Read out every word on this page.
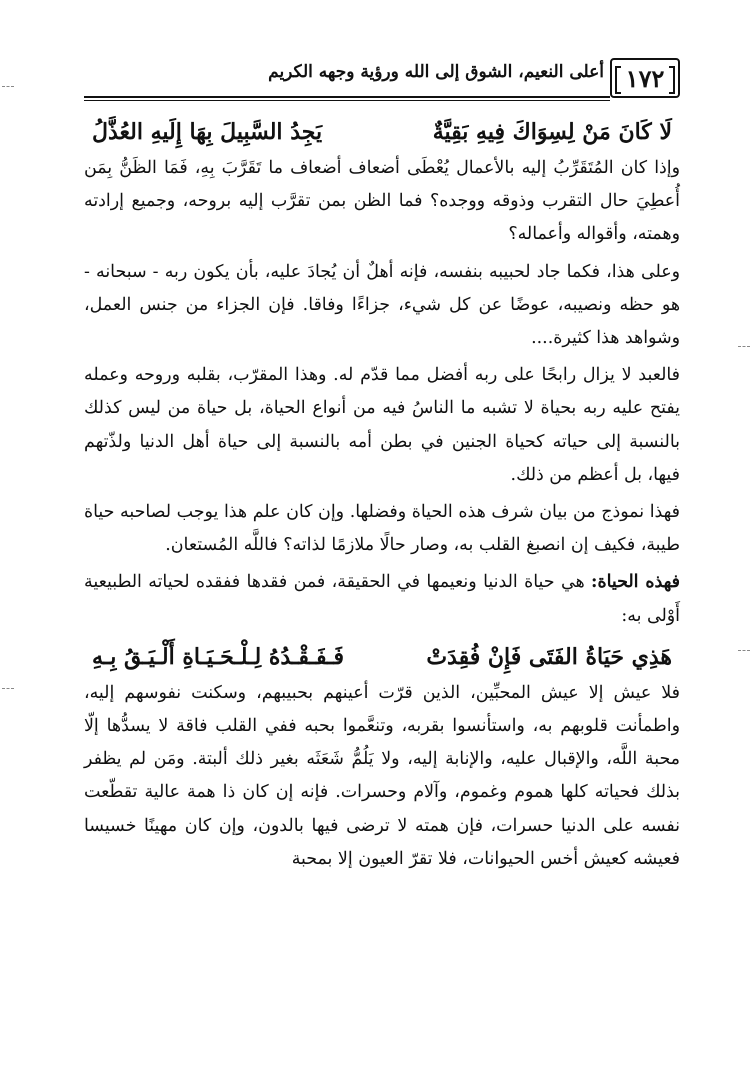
١٧٢
أعلى النعيم، الشوق إلى الله ورؤية وجهه الكريم
لَا كَانَ مَنْ لِسِوَاكَ فِيهِ بَقِيَّةٌ
يَجِدُ السَّبِيلَ بِهَا إِلَيهِ العُذَّلُ

وإذا كان المُتَقَرِّبُ إليه بالأعمال يُعْطَى أضعاف أضعاف ما تَقَرَّبَ بِهِ، فَمَا الظَنُّ بِمَن أُعطِيَ حال التقرب وذوقه ووجده؟ فما الظن بمن تقرَّب إليه بروحه، وجميع إرادته وهمته، وأقواله وأعماله؟

وعلى هذا، فكما جاد لحبيبه بنفسه، فإنه أهلٌ أن يُجادَ عليه، بأن يكون ربه - سبحانه - هو حظه ونصيبه، عوضًا عن كل شيء، جزاءًا وفاقا. فإن الجزاء من جنس العمل، وشواهد هذا كثيرة....

فالعبد لا يزال رابحًا على ربه أفضل مما قدّم له. وهذا المقرّب، بقلبه وروحه وعمله يفتح عليه ربه بحياة لا تشبه ما الناسُ فيه من أنواع الحياة، بل حياة من ليس كذلك بالنسبة إلى حياته كحياة الجنين في بطن أمه بالنسبة إلى حياة أهل الدنيا ولذّتهم فيها، بل أعظم من ذلك.

فهذا نموذج من بيان شرف هذه الحياة وفضلها. وإن كان علم هذا يوجب لصاحبه حياة طيبة، فكيف إن انصبغ القلب به، وصار حالًا ملازمًا لذاته؟ فاللَّه المُستعان.

فهذه الحياة: هي حياة الدنيا ونعيمها في الحقيقة، فمن فقدها ففقده لحياته الطبيعية أَوْلى به:

هَذِي حَيَاةُ الفَتَى فَإِنْ فُقِدَتْ
فَـفَـقْـدُهُ لِـلْـحَـيَـاةِ أَلْـيَـقُ بِـهِ

فلا عيش إلا عيش المحبِّين، الذين قرّت أعينهم بحبيبهم، وسكنت نفوسهم إليه، واطمأنت قلوبهم به، واستأنسوا بقربه، وتنعَّموا بحبه ففي القلب فاقة لا يسدُّها إلّا محبة اللَّه، والإقبال عليه، والإنابة إليه، ولا يَلُمُّ شَعَثَه بغير ذلك ألبتة. ومَن لم يظفر بذلك فحياته كلها هموم وغموم، وآلام وحسرات. فإنه إن كان ذا همة عالية تقطّعت نفسه على الدنيا حسرات، فإن همته لا ترضى فيها بالدون، وإن كان مهينًا خسيسا فعيشه كعيش أخس الحيوانات، فلا تقرّ العيون إلا بمحبة
